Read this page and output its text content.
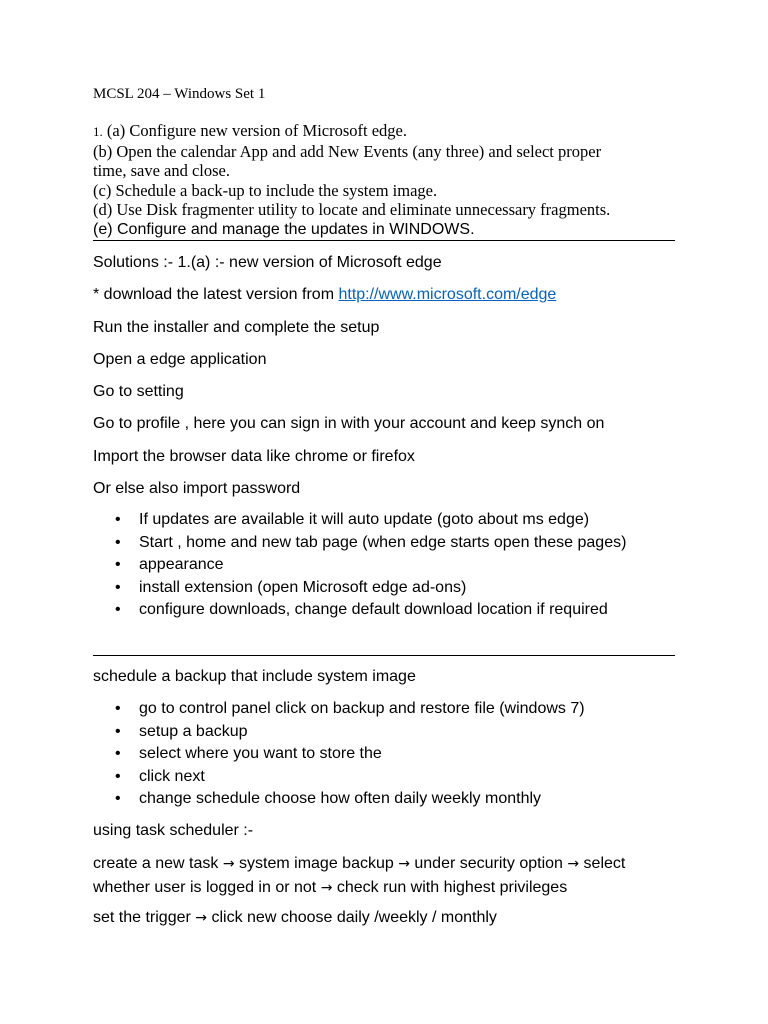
MCSL 204 – Windows Set 1
1. (a) Configure new version of Microsoft edge.
(b) Open the calendar App and add New Events (any three) and select proper
time, save and close.
(c) Schedule a back-up to include the system image.
(d) Use Disk fragmenter utility to locate and eliminate unnecessary fragments.
(e) Configure and manage the updates in WINDOWS.
Solutions :- 1.(a) :- new version of Microsoft edge
* download the latest version from http://www.microsoft.com/edge
Run the installer and complete the setup
Open a edge application
Go to setting
Go to profile , here you can sign in with your account and keep synch on
Import the browser data like chrome or firefox
Or else also import password
• If updates are available it will auto update (goto about ms edge)
• Start , home and new tab page (when edge starts open these pages)
• appearance
• install extension (open Microsoft edge ad-ons)
• configure downloads, change default download location if required
schedule a backup that include system image
• go to control panel click on backup and restore file (windows 7)
• setup a backup
• select where you want to store the
• click next
• change schedule choose how often daily weekly monthly
using task scheduler :-
create a new task → system image backup → under security option → select whether user is logged in or not → check run with highest privileges
set the trigger → click new choose daily /weekly / monthly
